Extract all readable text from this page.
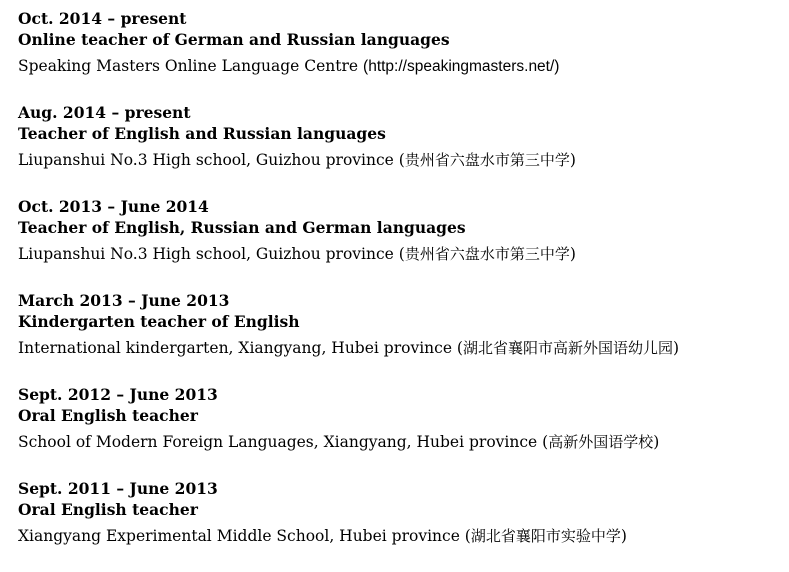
Oct. 2014 – present
Online teacher of German and Russian languages
Speaking Masters Online Language Centre (http://speakingmasters.net/)
Aug. 2014 – present
Teacher of English and Russian languages
Liupanshui No.3 High school, Guizhou province (贵州省六盘水市第三中学)
Oct. 2013 – June 2014
Teacher of English, Russian and German languages
Liupanshui No.3 High school, Guizhou province (贵州省六盘水市第三中学)
March 2013 – June 2013
Kindergarten teacher of English
International kindergarten, Xiangyang, Hubei province (湖北省襄阳市高新外国语幼儿园)
Sept. 2012 – June 2013
Oral English teacher
School of Modern Foreign Languages, Xiangyang, Hubei province (高新外国语学校)
Sept. 2011 – June 2013
Oral English teacher
Xiangyang Experimental Middle School, Hubei province (湖北省襄阳市实验中学)
